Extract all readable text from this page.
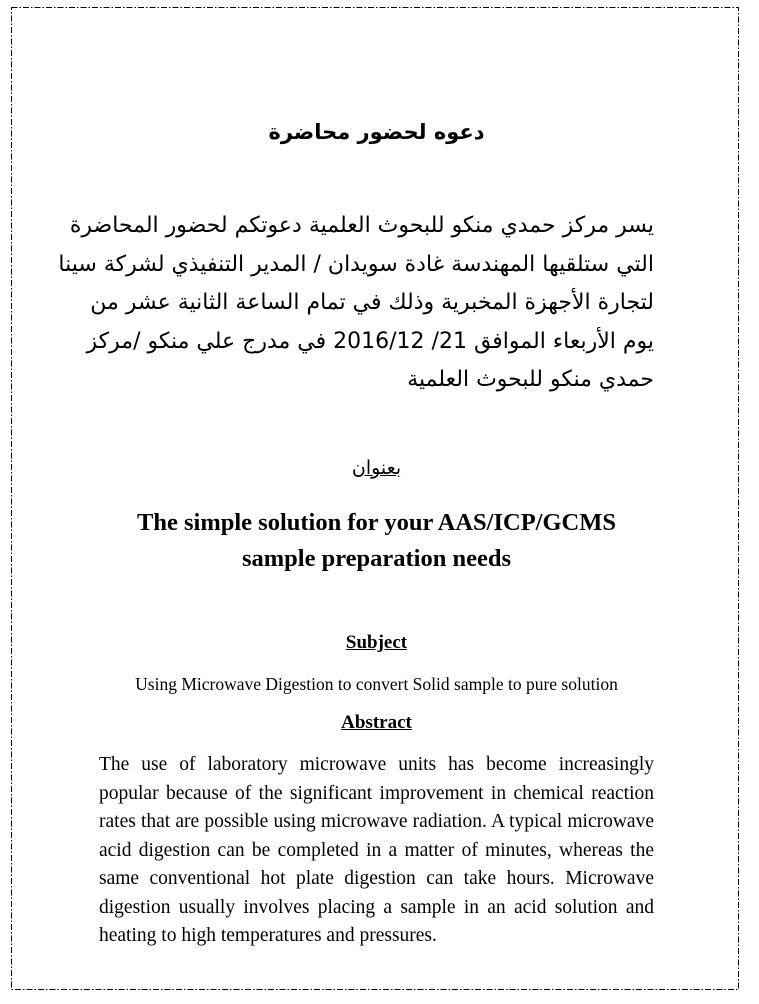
دعوه لحضور محاضرة
يسر مركز حمدي منكو للبحوث العلمية دعوتكم لحضور المحاضرة
التي ستلقيها المهندسة غادة سويدان / المدير التنفيذي لشركة سينا
لتجارة الأجهزة المخبرية وذلك في تمام الساعة الثانية عشر من
يوم الأربعاء الموافق 21/ 2016/12 في مدرج علي منكو /مركز
حمدي منكو للبحوث العلمية
بعنوان
The simple solution for your AAS/ICP/GCMS
sample preparation needs
Subject
Using Microwave Digestion to convert Solid sample to pure solution
Abstract
The use of laboratory microwave units has become increasingly popular because of the significant improvement in chemical reaction rates that are possible using microwave radiation. A typical microwave acid digestion can be completed in a matter of minutes, whereas the same conventional hot plate digestion can take hours. Microwave digestion usually involves placing a sample in an acid solution and heating to high temperatures and pressures.
